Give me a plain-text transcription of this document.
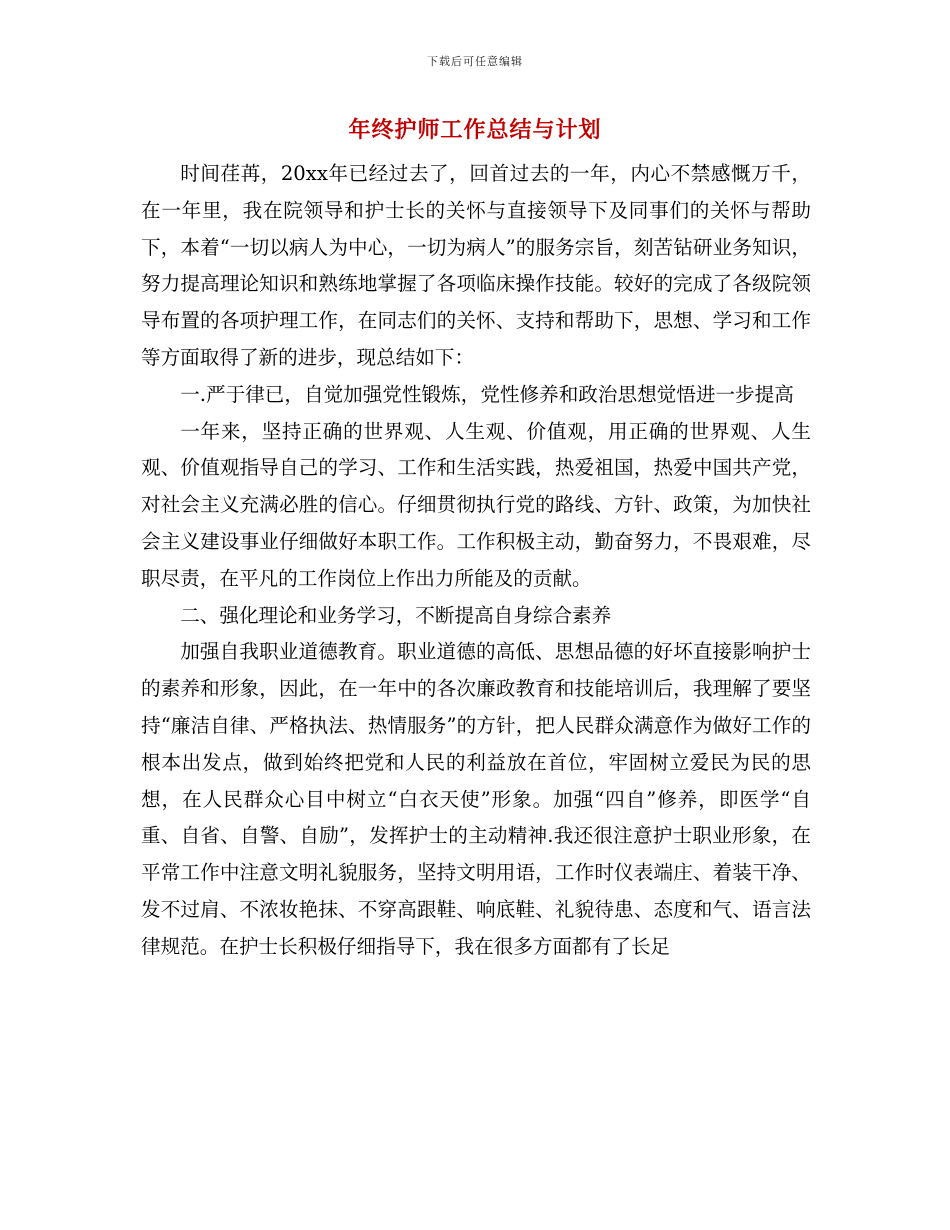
下载后可任意编辑
年终护师工作总结与计划

时间荏苒，20xx年已经过去了，回首过去的一年，内心不禁感慨万千，在一年里，我在院领导和护士长的关怀与直接领导下及同事们的关怀与帮助下，本着“一切以病人为中心，一切为病人”的服务宗旨，刻苦钻研业务知识，努力提高理论知识和熟练地掌握了各项临床操作技能。较好的完成了各级院领导布置的各项护理工作，在同志们的关怀、支持和帮助下，思想、学习和工作等方面取得了新的进步，现总结如下：

一.严于律已，自觉加强党性锻炼，党性修养和政治思想觉悟进一步提高

一年来，坚持正确的世界观、人生观、价值观，用正确的世界观、人生观、价值观指导自己的学习、工作和生活实践，热爱祖国，热爱中国共产党，对社会主义充满必胜的信心。仔细贯彻执行党的路线、方针、政策，为加快社会主义建设事业仔细做好本职工作。工作积极主动，勤奋努力，不畏艰难，尽职尽责，在平凡的工作岗位上作出力所能及的贡献。

二、强化理论和业务学习，不断提高自身综合素养

加强自我职业道德教育。职业道德的高低、思想品德的好坏直接影响护士的素养和形象，因此，在一年中的各次廉政教育和技能培训后，我理解了要坚持“廉洁自律、严格执法、热情服务”的方针，把人民群众满意作为做好工作的根本出发点，做到始终把党和人民的利益放在首位，牢固树立爱民为民的思想，在人民群众心目中树立“白衣天使”形象。加强“四自”修养，即医学“自重、自省、自警、自励”，发挥护士的主动精神.我还很注意护士职业形象，在平常工作中注意文明礼貌服务，坚持文明用语，工作时仪表端庄、着装干净、发不过肩、不浓妆艳抹、不穿高跟鞋、响底鞋、礼貌待患、态度和气、语言法律规范。在护士长积极仔细指导下，我在很多方面都有了长足
